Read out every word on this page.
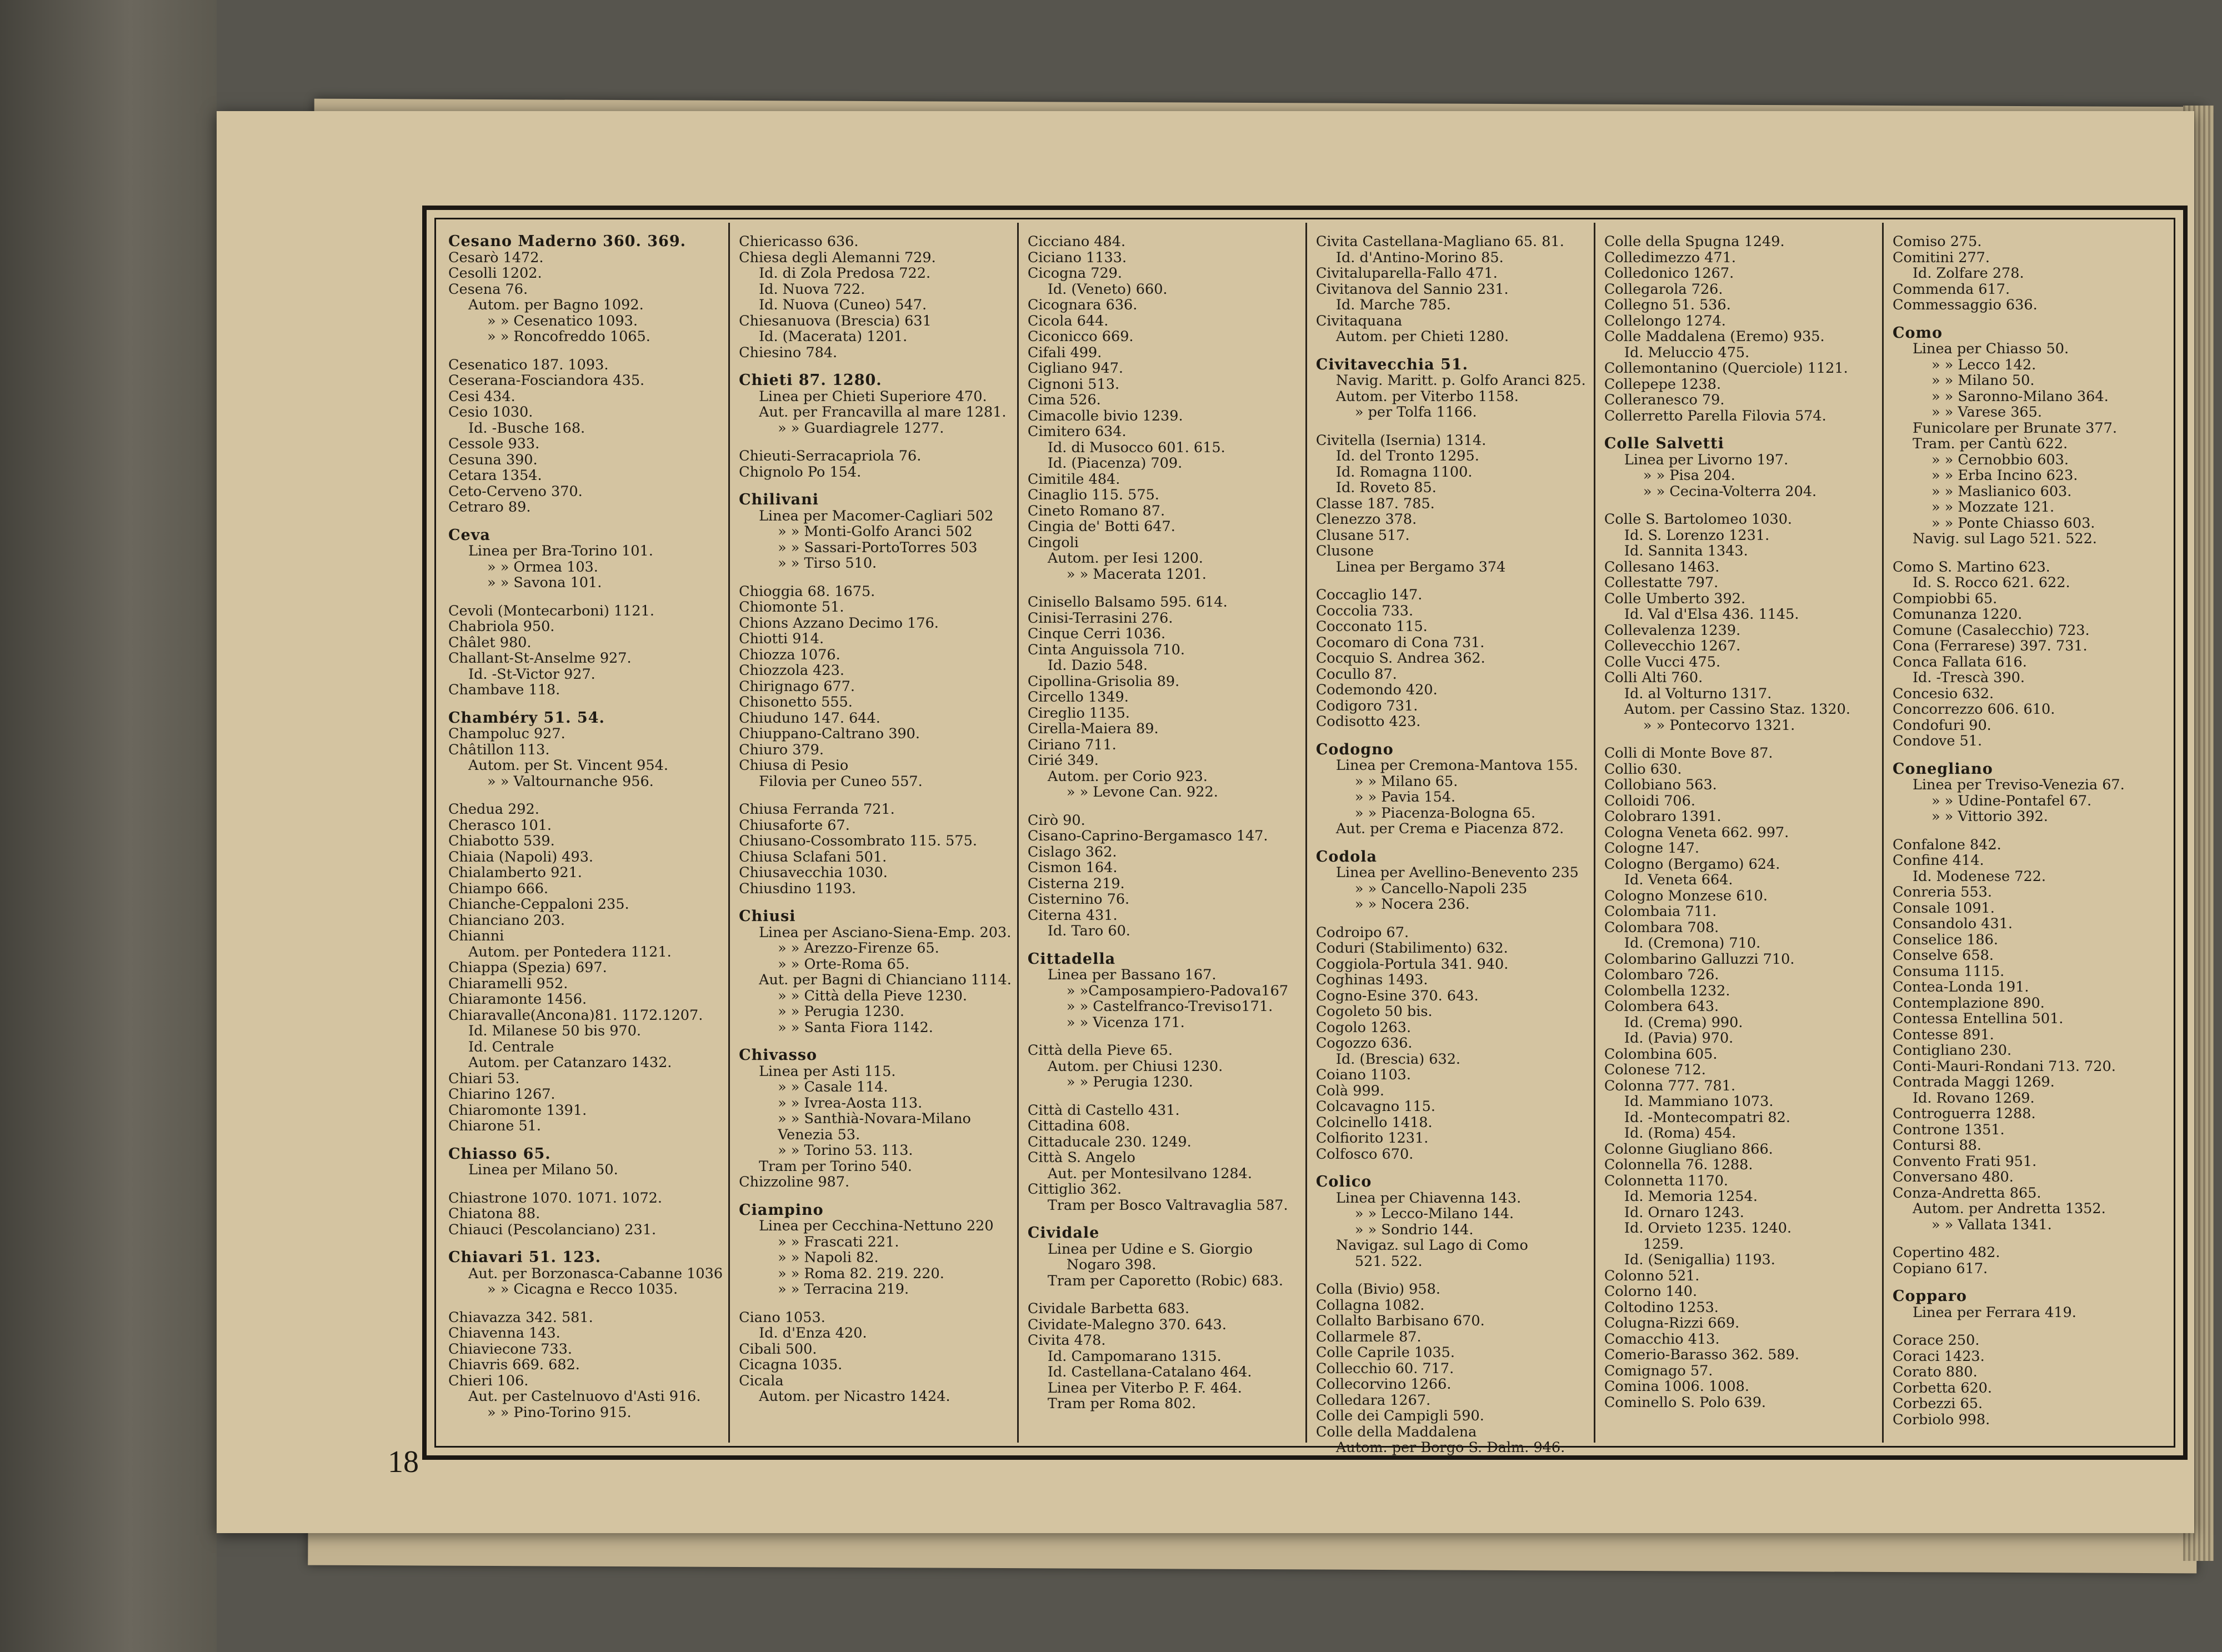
18
Cesano Maderno 360. 369.
Cesarò 1472.
Cesolli 1202.
Cesena 76.
Autom. per Bagno 1092.
» » Cesenatico 1093.
» » Roncofreddo 1065.
Cesenatico 187. 1093.
Ceserana-Fosciandora 435.
Cesi 434.
Cesio 1030.
Id. -Busche 168.
Cessole 933.
Cesuna 390.
Cetara 1354.
Ceto-Cerveno 370.
Cetraro 89.
Ceva
Linea per Bra-Torino 101.
» » Ormea 103.
» » Savona 101.
Cevoli (Montecarboni) 1121.
Chabriola 950.
Châlet 980.
Challant-St-Anselme 927.
Id. -St-Victor 927.
Chambave 118.
Chambéry 51. 54.
Champoluc 927.
Châtillon 113.
Autom. per St. Vincent 954.
» » Valtournanche 956.
Chedua 292.
Cherasco 101.
Chiabotto 539.
Chiaia (Napoli) 493.
Chialamberto 921.
Chiampo 666.
Chianche-Ceppaloni 235.
Chianciano 203.
Chianni
Autom. per Pontedera 1121.
Chiappa (Spezia) 697.
Chiaramelli 952.
Chiaramonte 1456.
Chiaravalle(Ancona)81. 1172.1207.
Id. Milanese 50 bis 970.
Id. Centrale
Autom. per Catanzaro 1432.
Chiari 53.
Chiarino 1267.
Chiaromonte 1391.
Chiarone 51.
Chiasso 65.
Linea per Milano 50.
Chiastrone 1070. 1071. 1072.
Chiatona 88.
Chiauci (Pescolanciano) 231.
Chiavari 51. 123.
Aut. per Borzonasca-Cabanne 1036
» » Cicagna e Recco 1035.
Chiavazza 342. 581.
Chiavenna 143.
Chiaviecone 733.
Chiavris 669. 682.
Chieri 106.
Aut. per Castelnuovo d'Asti 916.
» » Pino-Torino 915.
Chiericasso 636.
Chiesa degli Alemanni 729.
Id. di Zola Predosa 722.
Id. Nuova 722.
Id. Nuova (Cuneo) 547.
Chiesanuova (Brescia) 631
Id. (Macerata) 1201.
Chiesino 784.
Chieti 87. 1280.
Linea per Chieti Superiore 470.
Aut. per Francavilla al mare 1281.
» » Guardiagrele 1277.
Chieuti-Serracapriola 76.
Chignolo Po 154.
Chilivani
Linea per Macomer-Cagliari 502
» » Monti-Golfo Aranci 502
» » Sassari-PortoTorres 503
» » Tirso 510.
Chioggia 68. 1675.
Chiomonte 51.
Chions Azzano Decimo 176.
Chiotti 914.
Chiozza 1076.
Chiozzola 423.
Chirignago 677.
Chisonetto 555.
Chiuduno 147. 644.
Chiuppano-Caltrano 390.
Chiuro 379.
Chiusa di Pesio
Filovia per Cuneo 557.
Chiusa Ferranda 721.
Chiusaforte 67.
Chiusano-Cossombrato 115. 575.
Chiusa Sclafani 501.
Chiusavecchia 1030.
Chiusdino 1193.
Chiusi
Linea per Asciano-Siena-Emp. 203.
» » Arezzo-Firenze 65.
» » Orte-Roma 65.
Aut. per Bagni di Chianciano 1114.
» » Città della Pieve 1230.
» » Perugia 1230.
» » Santa Fiora 1142.
Chivasso
Linea per Asti 115.
» » Casale 114.
» » Ivrea-Aosta 113.
» » Santhià-Novara-Milano
Venezia 53.
» » Torino 53. 113.
Tram per Torino 540.
Chizzoline 987.
Ciampino
Linea per Cecchina-Nettuno 220
» » Frascati 221.
» » Napoli 82.
» » Roma 82. 219. 220.
» » Terracina 219.
Ciano 1053.
Id. d'Enza 420.
Cibali 500.
Cicagna 1035.
Cicala
Autom. per Nicastro 1424.
Cicciano 484.
Ciciano 1133.
Cicogna 729.
Id. (Veneto) 660.
Cicognara 636.
Cicola 644.
Ciconicco 669.
Cifali 499.
Cigliano 947.
Cignoni 513.
Cima 526.
Cimacolle bivio 1239.
Cimitero 634.
Id. di Musocco 601. 615.
Id. (Piacenza) 709.
Cimitile 484.
Cinaglio 115. 575.
Cineto Romano 87.
Cingia de' Botti 647.
Cingoli
Autom. per Iesi 1200.
» » Macerata 1201.
Cinisello Balsamo 595. 614.
Cinisi-Terrasini 276.
Cinque Cerri 1036.
Cinta Anguissola 710.
Id. Dazio 548.
Cipollina-Grisolia 89.
Circello 1349.
Cireglio 1135.
Cirella-Maiera 89.
Ciriano 711.
Cirié 349.
Autom. per Corio 923.
» » Levone Can. 922.
Cirò 90.
Cisano-Caprino-Bergamasco 147.
Cislago 362.
Cismon 164.
Cisterna 219.
Cisternino 76.
Citerna 431.
Id. Taro 60.
Cittadella
Linea per Bassano 167.
» »Camposampiero-Padova167
» » Castelfranco-Treviso171.
» » Vicenza 171.
Città della Pieve 65.
Autom. per Chiusi 1230.
» » Perugia 1230.
Città di Castello 431.
Cittadina 608.
Cittaducale 230. 1249.
Città S. Angelo
Aut. per Montesilvano 1284.
Cittiglio 362.
Tram per Bosco Valtravaglia 587.
Cividale
Linea per Udine e S. Giorgio
Nogaro 398.
Tram per Caporetto (Robic) 683.
Cividale Barbetta 683.
Cividate-Malegno 370. 643.
Civita 478.
Id. Campomarano 1315.
Id. Castellana-Catalano 464.
Linea per Viterbo P. F. 464.
Tram per Roma 802.
Civita Castellana-Magliano 65. 81.
Id. d'Antino-Morino 85.
Civitaluparella-Fallo 471.
Civitanova del Sannio 231.
Id. Marche 785.
Civitaquana
Autom. per Chieti 1280.
Civitavecchia 51.
Navig. Maritt. p. Golfo Aranci 825.
Autom. per Viterbo 1158.
» per Tolfa 1166.
Civitella (Isernia) 1314.
Id. del Tronto 1295.
Id. Romagna 1100.
Id. Roveto 85.
Classe 187. 785.
Clenezzo 378.
Clusane 517.
Clusone
Linea per Bergamo 374
Coccaglio 147.
Coccolia 733.
Cocconato 115.
Cocomaro di Cona 731.
Cocquio S. Andrea 362.
Cocullo 87.
Codemondo 420.
Codigoro 731.
Codisotto 423.
Codogno
Linea per Cremona-Mantova 155.
» » Milano 65.
» » Pavia 154.
» » Piacenza-Bologna 65.
Aut. per Crema e Piacenza 872.
Codola
Linea per Avellino-Benevento 235
» » Cancello-Napoli 235
» » Nocera 236.
Codroipo 67.
Coduri (Stabilimento) 632.
Coggiola-Portula 341. 940.
Coghinas 1493.
Cogno-Esine 370. 643.
Cogoleto 50 bis.
Cogolo 1263.
Cogozzo 636.
Id. (Brescia) 632.
Coiano 1103.
Colà 999.
Colcavagno 115.
Colcinello 1418.
Colfiorito 1231.
Colfosco 670.
Colico
Linea per Chiavenna 143.
» » Lecco-Milano 144.
» » Sondrio 144.
Navigaz. sul Lago di Como
521. 522.
Colla (Bivio) 958.
Collagna 1082.
Collalto Barbisano 670.
Collarmele 87.
Colle Caprile 1035.
Collecchio 60. 717.
Collecorvino 1266.
Colledara 1267.
Colle dei Campigli 590.
Colle della Maddalena
Autom. per Borgo S. Dalm. 946.
Colle della Spugna 1249.
Colledimezzo 471.
Colledonico 1267.
Collegarola 726.
Collegno 51. 536.
Collelongo 1274.
Colle Maddalena (Eremo) 935.
Id. Meluccio 475.
Collemontanino (Querciole) 1121.
Collepepe 1238.
Colleranesco 79.
Collerretto Parella Filovia 574.
Colle Salvetti
Linea per Livorno 197.
» » Pisa 204.
» » Cecina-Volterra 204.
Colle S. Bartolomeo 1030.
Id. S. Lorenzo 1231.
Id. Sannita 1343.
Collesano 1463.
Collestatte 797.
Colle Umberto 392.
Id. Val d'Elsa 436. 1145.
Collevalenza 1239.
Collevecchio 1267.
Colle Vucci 475.
Colli Alti 760.
Id. al Volturno 1317.
Autom. per Cassino Staz. 1320.
» » Pontecorvo 1321.
Colli di Monte Bove 87.
Collio 630.
Collobiano 563.
Colloidi 706.
Colobraro 1391.
Cologna Veneta 662. 997.
Cologne 147.
Cologno (Bergamo) 624.
Id. Veneta 664.
Cologno Monzese 610.
Colombaia 711.
Colombara 708.
Id. (Cremona) 710.
Colombarino Galluzzi 710.
Colombaro 726.
Colombella 1232.
Colombera 643.
Id. (Crema) 990.
Id. (Pavia) 970.
Colombina 605.
Colonese 712.
Colonna 777. 781.
Id. Mammiano 1073.
Id. -Montecompatri 82.
Id. (Roma) 454.
Colonne Giugliano 866.
Colonnella 76. 1288.
Colonnetta 1170.
Id. Memoria 1254.
Id. Ornaro 1243.
Id. Orvieto 1235. 1240.
1259.
Id. (Senigallia) 1193.
Colonno 521.
Colorno 140.
Coltodino 1253.
Colugna-Rizzi 669.
Comacchio 413.
Comerio-Barasso 362. 589.
Comignago 57.
Comina 1006. 1008.
Cominello S. Polo 639.
Comiso 275.
Comitini 277.
Id. Zolfare 278.
Commenda 617.
Commessaggio 636.
Como
Linea per Chiasso 50.
» » Lecco 142.
» » Milano 50.
» » Saronno-Milano 364.
» » Varese 365.
Funicolare per Brunate 377.
Tram. per Cantù 622.
» » Cernobbio 603.
» » Erba Incino 623.
» » Maslianico 603.
» » Mozzate 121.
» » Ponte Chiasso 603.
Navig. sul Lago 521. 522.
Como S. Martino 623.
Id. S. Rocco 621. 622.
Compiobbi 65.
Comunanza 1220.
Comune (Casalecchio) 723.
Cona (Ferrarese) 397. 731.
Conca Fallata 616.
Id. -Trescà 390.
Concesio 632.
Concorrezzo 606. 610.
Condofuri 90.
Condove 51.
Conegliano
Linea per Treviso-Venezia 67.
» » Udine-Pontafel 67.
» » Vittorio 392.
Confalone 842.
Confine 414.
Id. Modenese 722.
Conreria 553.
Consale 1091.
Consandolo 431.
Conselice 186.
Conselve 658.
Consuma 1115.
Contea-Londa 191.
Contemplazione 890.
Contessa Entellina 501.
Contesse 891.
Contigliano 230.
Conti-Mauri-Rondani 713. 720.
Contrada Maggi 1269.
Id. Rovano 1269.
Controguerra 1288.
Controne 1351.
Contursi 88.
Convento Frati 951.
Conversano 480.
Conza-Andretta 865.
Autom. per Andretta 1352.
» » Vallata 1341.
Copertino 482.
Copiano 617.
Copparo
Linea per Ferrara 419.
Corace 250.
Coraci 1423.
Corato 880.
Corbetta 620.
Corbezzi 65.
Corbiolo 998.
